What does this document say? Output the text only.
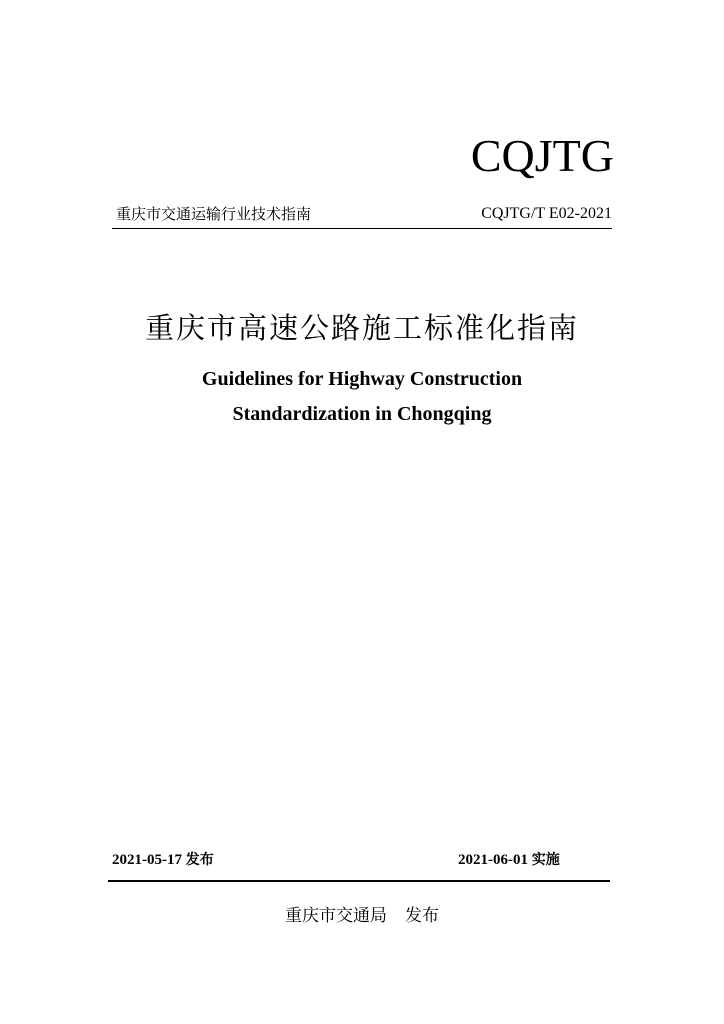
CQJTG
重庆市交通运输行业技术指南	CQJTG/T E02-2021
重庆市高速公路施工标准化指南
Guidelines for Highway Construction
Standardization in Chongqing
2021-05-17 发布	2021-06-01 实施
重庆市交通局 发布
